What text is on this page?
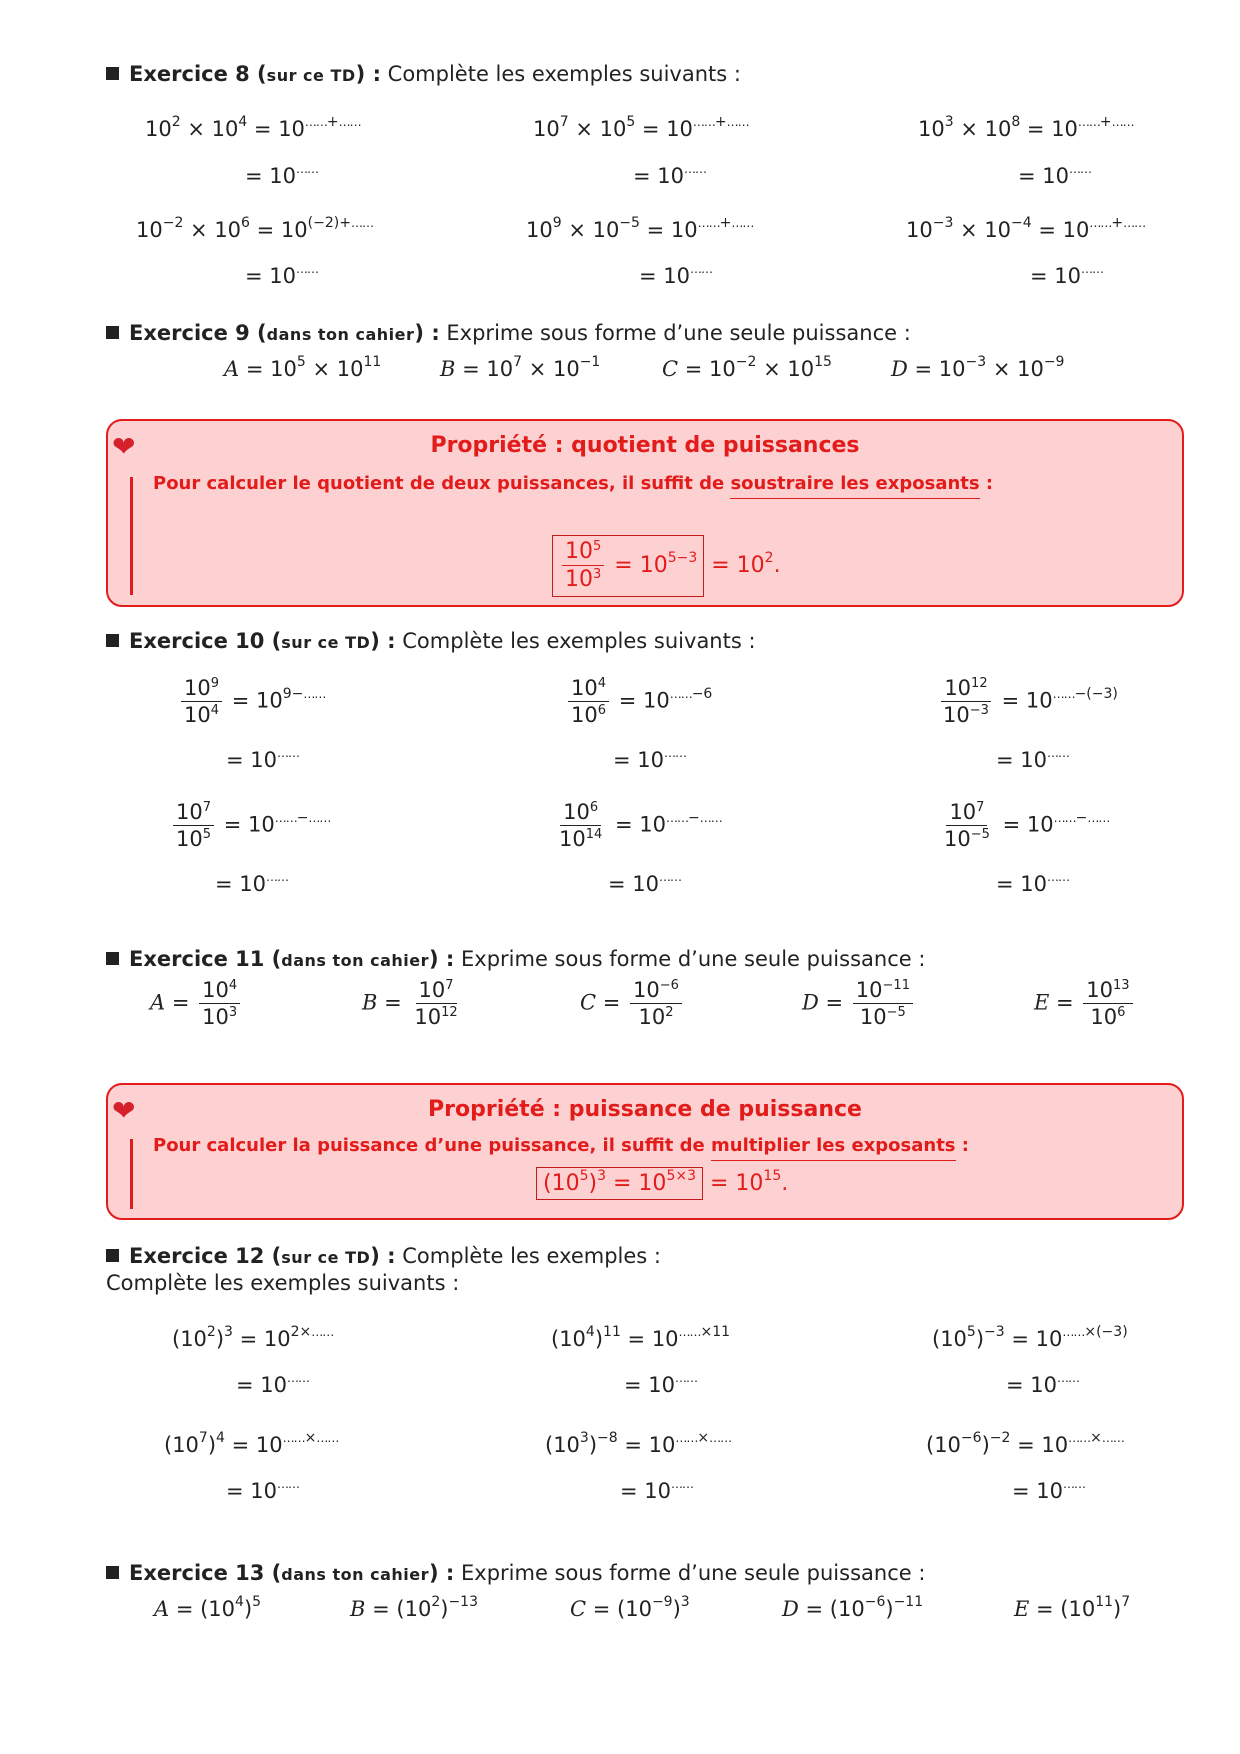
Exercice 8 (sur ce TD) : Complète les exemples suivants :
$10^2 \times 10^4 = 10^{\dots\dots+\dots\dots}$
= 10……
$10^7 \times 10^5 = 10^{\dots\dots+\dots\dots}$
= 10……
$10^3 \times 10^8 = 10^{\dots\dots+\dots\dots}$
= 10……
$10^{-2} \times 10^6 = 10^{(-2)+\dots\dots}$
= 10……
$10^9 \times 10^{-5} = 10^{\dots\dots+\dots\dots}$
= 10……
$10^{-3} \times 10^{-4} = 10^{\dots\dots+\dots\dots}$
= 10……
Exercice 9 (dans ton cahier) : Exprime sous forme d’une seule puissance :
$A = 10^5 \times 10^{11}$	$B = 10^7 \times 10^{-1}$	$C = 10^{-2} \times 10^{15}$	$D = 10^{-3} \times 10^{-9}$
❤	Propriété : quotient de puissances
Pour calculer le quotient de deux puissances, il suffit de soustraire les exposants :
$\frac{10^5}{10^3} = 10^{5-3} = 10^2$.
Exercice 10 (sur ce TD) : Complète les exemples suivants :
$\frac{10^9}{10^4} = 10^{9-\dots\dots}$
= 10……
$\frac{10^4}{10^6} = 10^{\dots\dots-6}$
= 10……
$\frac{10^{12}}{10^{-3}} = 10^{\dots\dots-(-3)}$
= 10……
$\frac{10^7}{10^5} = 10^{\dots\dots-\dots\dots}$
= 10……
$\frac{10^6}{10^{14}} = 10^{\dots\dots-\dots\dots}$
= 10……
$\frac{10^7}{10^{-5}} = 10^{\dots\dots-\dots\dots}$
= 10……
Exercice 11 (dans ton cahier) : Exprime sous forme d’une seule puissance :
$A = \frac{10^4}{10^3}$	$B = \frac{10^7}{10^{12}}$	$C = \frac{10^{-6}}{10^2}$	$D = \frac{10^{-11}}{10^{-5}}$	$E = \frac{10^{13}}{10^6}$
❤	Propriété : puissance de puissance
Pour calculer la puissance d’une puissance, il suffit de multiplier les exposants :
$(10^5)^3 = 10^{5\times 3} = 10^{15}$.
Exercice 12 (sur ce TD) : Complète les exemples :
Complète les exemples suivants :
$(10^2)^3 = 10^{2\times\dots\dots}$
= 10……
$(10^4)^{11} = 10^{\dots\dots\times 11}$
= 10……
$(10^5)^{-3} = 10^{\dots\dots\times(-3)}$
= 10……
$(10^7)^4 = 10^{\dots\dots\times\dots\dots}$
= 10……
$(10^3)^{-8} = 10^{\dots\dots\times\dots\dots}$
= 10……
$(10^{-6})^{-2} = 10^{\dots\dots\times\dots\dots}$
= 10……
Exercice 13 (dans ton cahier) : Exprime sous forme d’une seule puissance :
$A = (10^4)^5$	$B = (10^2)^{-13}$	$C = (10^{-9})^3$	$D = (10^{-6})^{-11}$	$E = (10^{11})^7$
